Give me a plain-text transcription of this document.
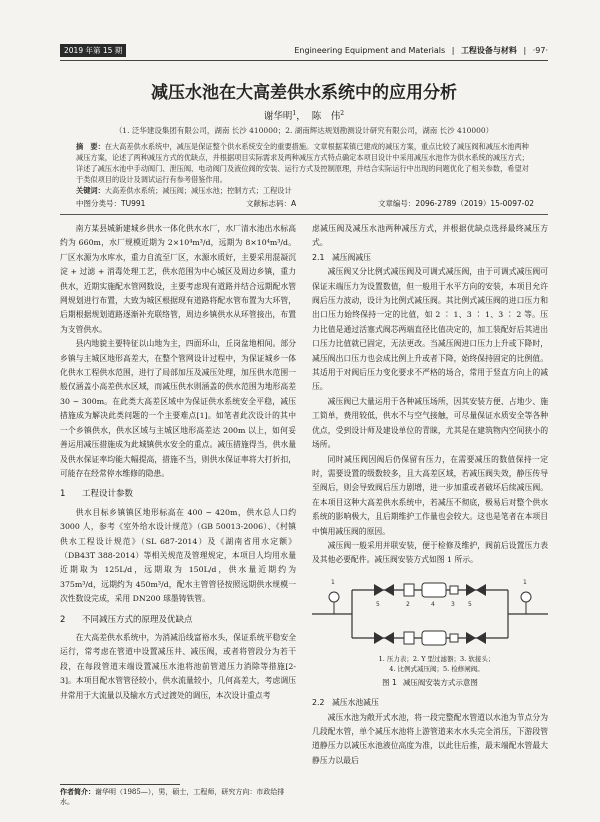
2019 年第 15 期	Engineering Equipment and Materials | 工程设备与材料 | ·97·
减压水池在大高差供水系统中的应用分析
谢华明$^1$，  陈　伟$^2$
（1. 泛华建设集团有限公司，湖南 长沙 410000；2. 湖南辉达规划勘测设计研究有限公司，湖南 长沙 410000）
摘　要：在大高差供水系统中，减压是保证整个供水系统安全的重要措施。文章根据某镇已建成的减压方案，重点比较了减压阀和减压水池两种减压方案，论述了两种减压方式的优缺点，并根据项目实际需求及两种减压方式特点确定本项目设计中采用减压水池作为供水系统的减压方式；详述了减压水池中手动阀门、泄压阀、电动阀门及液位阀的安装、运行方式及控制原理，并结合实际运行中出现的问题优化了相关参数，希望对于类似项目的设计及调试运行有参考借鉴作用。
关键词：大高差供水系统；减压阀；减压水池；控制方式；工程设计
中图分类号：TU991	文献标志码：A	文章编号：2096-2789（2019）15-0097-02

南方某县城新建城乡供水一体化供水水厂，水厂清水池出水标高约为 660m，水厂规模近期为 2×10⁴m³/d，远期为 8×10⁴m³/d。厂区水源为水库水，重力自流至厂区，水源水质好，主要采用混凝沉淀 + 过滤 + 消毒处理工艺，供水范围为中心城区及周边乡镇，重力供水，近期实施配水管网数设，主要考虑现有道路并结合远期配水管网规划进行布置，大致为城区根据现有道路将配水管布置为大环管，后期根据规划道路逐渐补充联络管，周边乡镇供水从环管接出，布置为支管供水。

县内地貌主要特征以山地为主，四面环山，丘岗盆地相间。部分乡镇与主城区地形高差大，在整个管网设计过程中，为保证城乡一体化供水工程供水范围，进行了局部加压及减压处理，加压供水范围一般仅涵盖小高差供水区域，而减压供水则涵盖的供水范围为地形高差 30 ~ 300m。在此类大高差区域中为保证供水系统安全平稳，减压措施成为解决此类问题的一个主要难点[1]。如笔者此次设计的其中一个乡镇供水，供水区域与主城区地形高差达 200m 以上，如何妥善运用减压措施成为此城镇供水安全的重点。减压措施得当，供水量及供水保证率均能大幅提高，措施不当，则供水保证率将大打折扣，可能存在经常停水维修的隐患。

1 工程设计参数

供水目标乡镇镇区地形标高在 400 ~ 420m，供水总人口约 3000 人，参考《室外给水设计规范》（GB 50013-2006）、《村镇供水工程设计规范》（SL 687-2014）及《湖南省用水定额》（DB43T 388-2014）等相关规范及管理规定，本项目人均用水量近期取为 125L/d，远期取为 150L/d，供水量近期约为 375m³/d，远期约为 450m³/d，配水主管管径按照远期供水规模一次性数设完成，采用 DN200 球墨铸铁管。

2 不同减压方式的原理及优缺点

在大高差供水系统中，为消减沿线富裕水头，保证系统平稳安全运行，常考虑在管道中设置减压井、减压阀，或者将管段分为若干段，在每段管道末端设置减压水池将池前管道压力消除等措施[2-3]。本项目配水管管径较小，供水流量较小，几何高差大，考虑调压井常用于大流量以及输水方式过渡处的调压，本次设计重点考

虑减压阀及减压水池两种减压方式，并根据优缺点选择最终减压方式。

2.1 减压阀减压

减压阀又分比例式减压阀及可调式减压阀，由于可调式减压阀可保证末端压力为设置数值，但一般用于水平方向的安装，本项目允许阀后压力波动，设计为比例式减压阀。其比例式减压阀的进口压力和出口压力始终保持一定的比值，如 2 ∶ 1、3 ∶ 1、3 ∶ 2 等。压力比值是通过活塞式阀芯两端直径比值决定的，加工装配好后其进出口压力比值就已固定，无法更改。当减压阀进口压力上升或下降时，减压阀出口压力也会成比例上升或者下降，始终保持固定的比例值。其适用于对阀后压力变化要求不严格的场合，常用于竖直方向上的减压。

减压阀已大量运用于各种减压场所，因其安装方便、占地少、施工简单，费用较低，供水不与空气接触，可尽量保证水质安全等各种优点，受到设计师及建设单位的青睐，尤其是在建筑物内空间狭小的场所。

同时减压阀因阀后仍保留有压力，在需要减压的数值保持一定时，需要设置的级数较多，且大高差区域，若减压阀失效，静压传导至阀后，则会导致阀后压力剧增，进一步加重或者破坏后续减压阀。在本项目这种大高差供水系统中，若减压不彻底，极易后对整个供水系统的影响极大，且后期维护工作量也会较大。这也是笔者在本项目中慎用减压阀的原因。

减压阀一般采用并联安装，便于检修及维护，阀前后设置压力表及其他必要配件。减压阀安装方式如图 1 所示。

1	1
5	2	4	3 5

1. 压力表；2. Y 型过滤器；3. 软接头；

4. 比例式减压阀；5. 检修闸阀。

图 1 减压阀安装方式示意图
2.2 减压水池减压

减压水池为敞开式水池，将一段完整配水管道以水池为节点分为几段配水管，单个减压水池将上游管道来水水头完全消压，下游段管道静压力以减压水池液位高度为准，以此往后推，最末端配水管最大静压力以最后

作者简介：谢华明（1985—），男，硕士，工程师，研究方向：市政给排水。
